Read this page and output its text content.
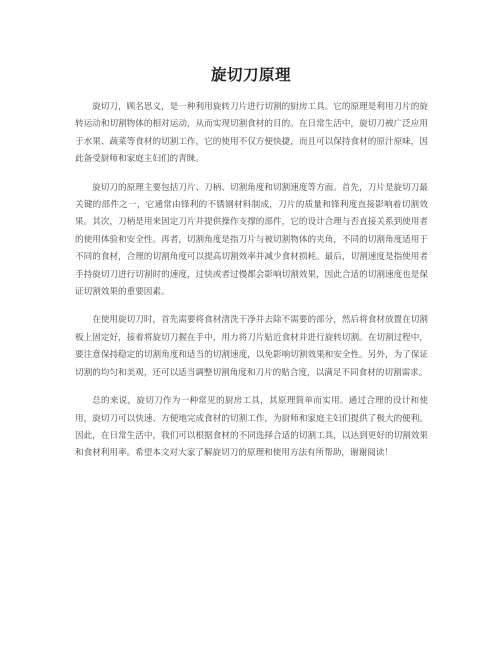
旋切刀原理

旋切刀，顾名思义，是一种利用旋转刀片进行切割的厨房工具。它的原理是利用刀片的旋转运动和切割物体的相对运动，从而实现切割食材的目的。在日常生活中，旋切刀被广泛应用于水果、蔬菜等食材的切割工作，它的使用不仅方便快捷，而且可以保持食材的原汁原味，因此备受厨师和家庭主妇们的青睐。

旋切刀的原理主要包括刀片、刀柄、切割角度和切割速度等方面。首先，刀片是旋切刀最关键的部件之一，它通常由锋利的不锈钢材料制成，刀片的质量和锋利度直接影响着切割效果。其次，刀柄是用来固定刀片并提供操作支撑的部件，它的设计合理与否直接关系到使用者的使用体验和安全性。再者，切割角度是指刀片与被切割物体的夹角，不同的切割角度适用于不同的食材，合理的切割角度可以提高切割效率并减少食材损耗。最后，切割速度是指使用者手持旋切刀进行切割时的速度，过快或者过慢都会影响切割效果，因此合适的切割速度也是保证切割效果的重要因素。

在使用旋切刀时，首先需要将食材清洗干净并去除不需要的部分，然后将食材放置在切割板上固定好，接着将旋切刀握在手中，用力将刀片贴近食材并进行旋转切割。在切割过程中，要注意保持稳定的切割角度和适当的切割速度，以免影响切割效果和安全性。另外，为了保证切割的均匀和美观，还可以适当调整切割角度和刀片的贴合度，以满足不同食材的切割需求。

总的来说，旋切刀作为一种常见的厨房工具，其原理简单而实用。通过合理的设计和使用，旋切刀可以快速、方便地完成食材的切割工作，为厨师和家庭主妇们提供了极大的便利。因此，在日常生活中，我们可以根据食材的不同选择合适的切割工具，以达到更好的切割效果和食材利用率。希望本文对大家了解旋切刀的原理和使用方法有所帮助，谢谢阅读！
